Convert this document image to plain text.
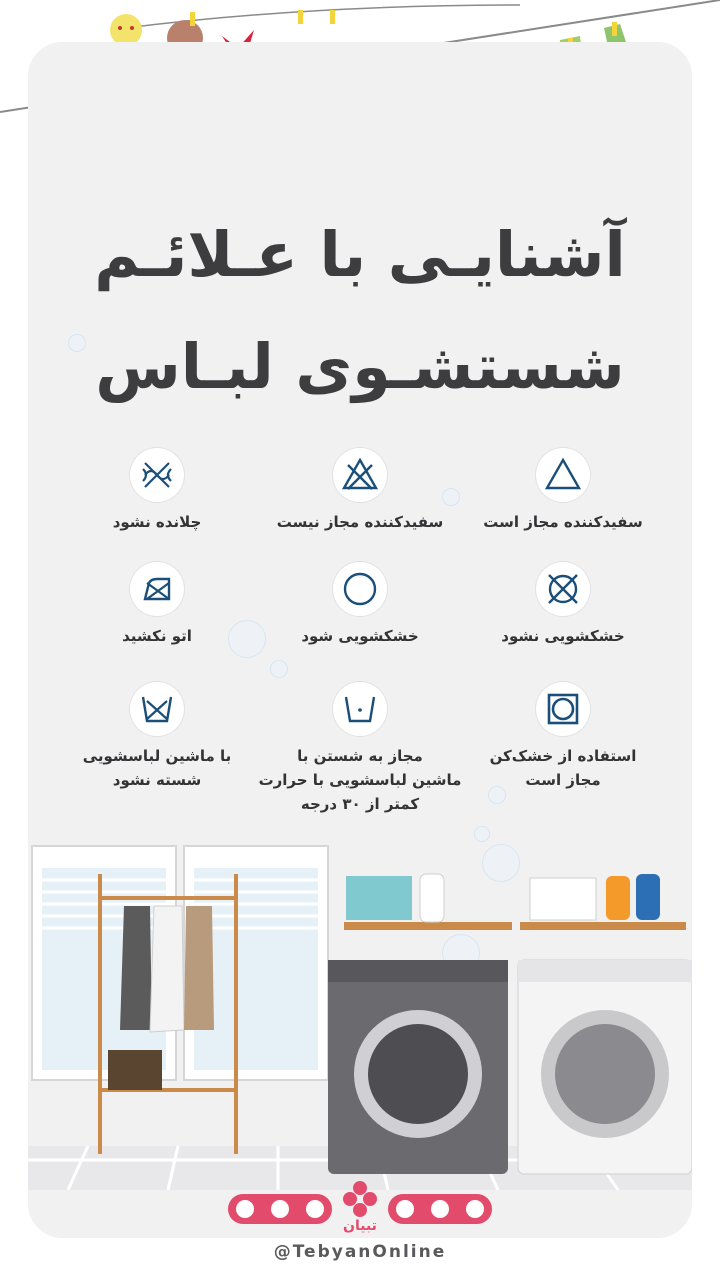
آشنایـی با عـلائـم
شستشـوی لبـاس
سفیدکننده مجاز است
سفیدکننده مجاز نیست
چلانده نشود
خشکشویی نشود
خشکشویی شود
اتو نکشید
استفاده از خشک‌کن
مجاز است
مجاز به شستن با
ماشین لباسشویی با حرارت
کمتر از ۳۰ درجه
با ماشین لباسشویی
شسته نشود
تبیان
@TebyanOnline
